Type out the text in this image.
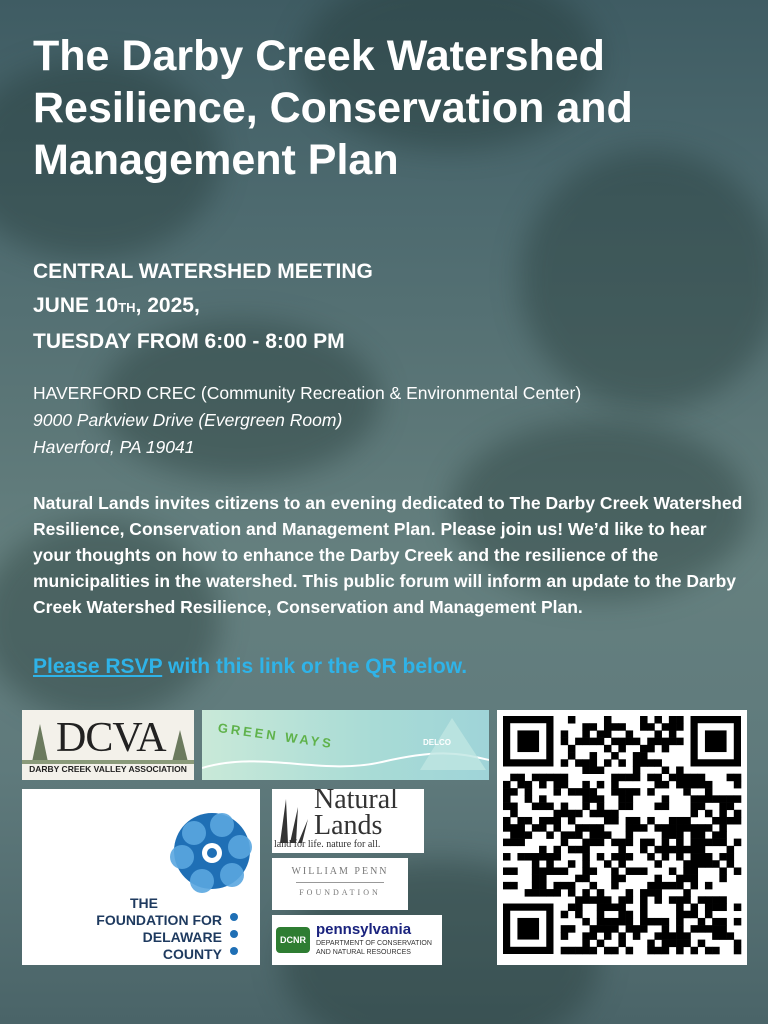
The Darby Creek Watershed Resilience, Conservation and Management Plan
CENTRAL WATERSHED MEETING
JUNE 10TH, 2025,
TUESDAY FROM 6:00 - 8:00 PM
HAVERFORD CREC (Community Recreation & Environmental Center)
9000 Parkview Drive (Evergreen Room)
Haverford, PA 19041
Natural Lands invites citizens to an evening dedicated to The Darby Creek Watershed Resilience, Conservation and Management Plan. Please join us! We’d like to hear your thoughts on how to enhance the Darby Creek and the resilience of the municipalities in the watershed. This public forum will inform an update to the Darby Creek Watershed Resilience, Conservation and Management Plan.
Please RSVP with this link or the QR below.
DCVA
DARBY CREEK VALLEY ASSOCIATION
GREEN WAYS	DELCO
THE
FOUNDATION FOR
DELAWARE
COUNTY
Natural
Lands
land for life. nature for all.
WILLIAM PENN
FOUNDATION
DCNR
pennsylvania
DEPARTMENT OF CONSERVATION
AND NATURAL RESOURCES
